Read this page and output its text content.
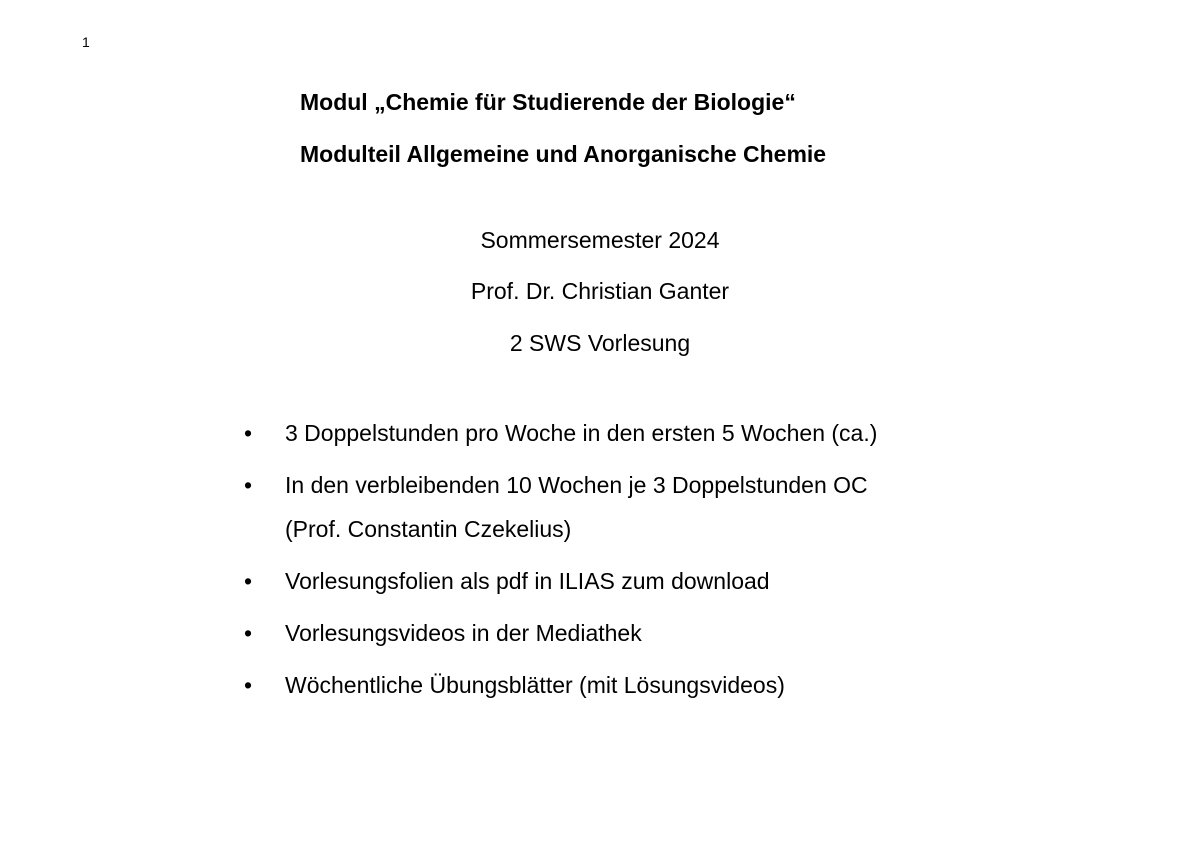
1
Modul „Chemie für Studierende der Biologie“
Modulteil Allgemeine und Anorganische Chemie
Sommersemester 2024
Prof. Dr. Christian Ganter
2 SWS Vorlesung
•	3 Doppelstunden pro Woche in den ersten 5 Wochen (ca.)
•	In den verbleibenden 10 Wochen je 3 Doppelstunden OC
(Prof. Constantin Czekelius)
•	Vorlesungsfolien als pdf in ILIAS zum download
•	Vorlesungsvideos in der Mediathek
•	Wöchentliche Übungsblätter (mit Lösungsvideos)
